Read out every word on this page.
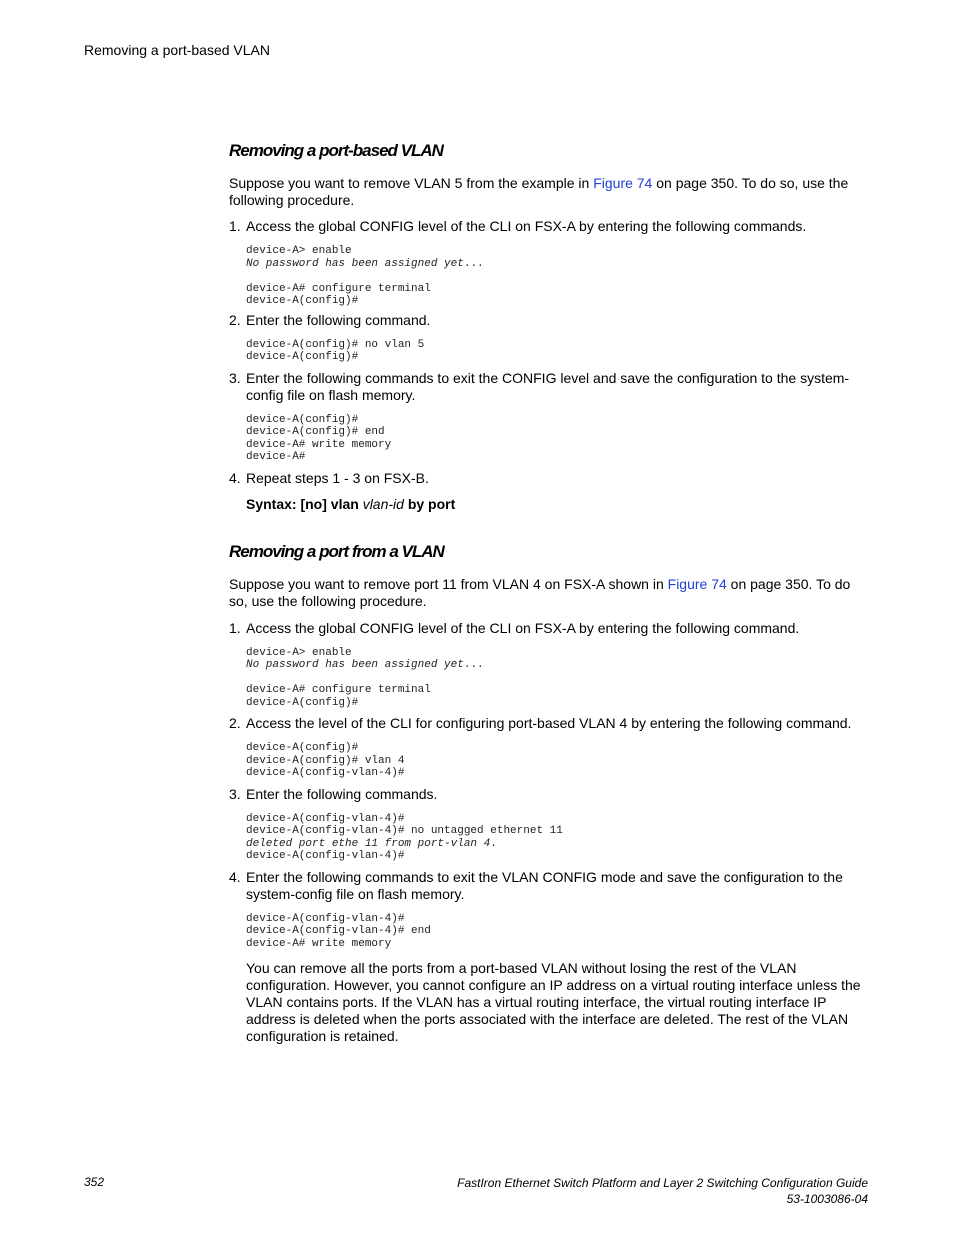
Removing a port-based VLAN
Removing a port-based VLAN

Suppose you want to remove VLAN 5 from the example in Figure 74 on page 350. To do so, use the following procedure.

1. Access the global CONFIG level of the CLI on FSX-A by entering the following commands.
device-A> enable
No password has been assigned yet...

device-A# configure terminal
device-A(config)#
2. Enter the following command.
device-A(config)# no vlan 5
device-A(config)#
3. Enter the following commands to exit the CONFIG level and save the configuration to the system-config file on flash memory.
device-A(config)#
device-A(config)# end
device-A# write memory
device-A#
4. Repeat steps 1 - 3 on FSX-B.

Syntax: [no] vlan vlan-id by port

Removing a port from a VLAN

Suppose you want to remove port 11 from VLAN 4 on FSX-A shown in Figure 74 on page 350. To do so, use the following procedure.

1. Access the global CONFIG level of the CLI on FSX-A by entering the following command.
device-A> enable
No password has been assigned yet...

device-A# configure terminal
device-A(config)#
2. Access the level of the CLI for configuring port-based VLAN 4 by entering the following command.
device-A(config)#
device-A(config)# vlan 4
device-A(config-vlan-4)#
3. Enter the following commands.
device-A(config-vlan-4)#
device-A(config-vlan-4)# no untagged ethernet 11
deleted port ethe 11 from port-vlan 4.
device-A(config-vlan-4)#
4. Enter the following commands to exit the VLAN CONFIG mode and save the configuration to the system-config file on flash memory.
device-A(config-vlan-4)#
device-A(config-vlan-4)# end
device-A# write memory

You can remove all the ports from a port-based VLAN without losing the rest of the VLAN configuration. However, you cannot configure an IP address on a virtual routing interface unless the VLAN contains ports. If the VLAN has a virtual routing interface, the virtual routing interface IP address is deleted when the ports associated with the interface are deleted. The rest of the VLAN configuration is retained.

352	FastIron Ethernet Switch Platform and Layer 2 Switching Configuration Guide
53-1003086-04
